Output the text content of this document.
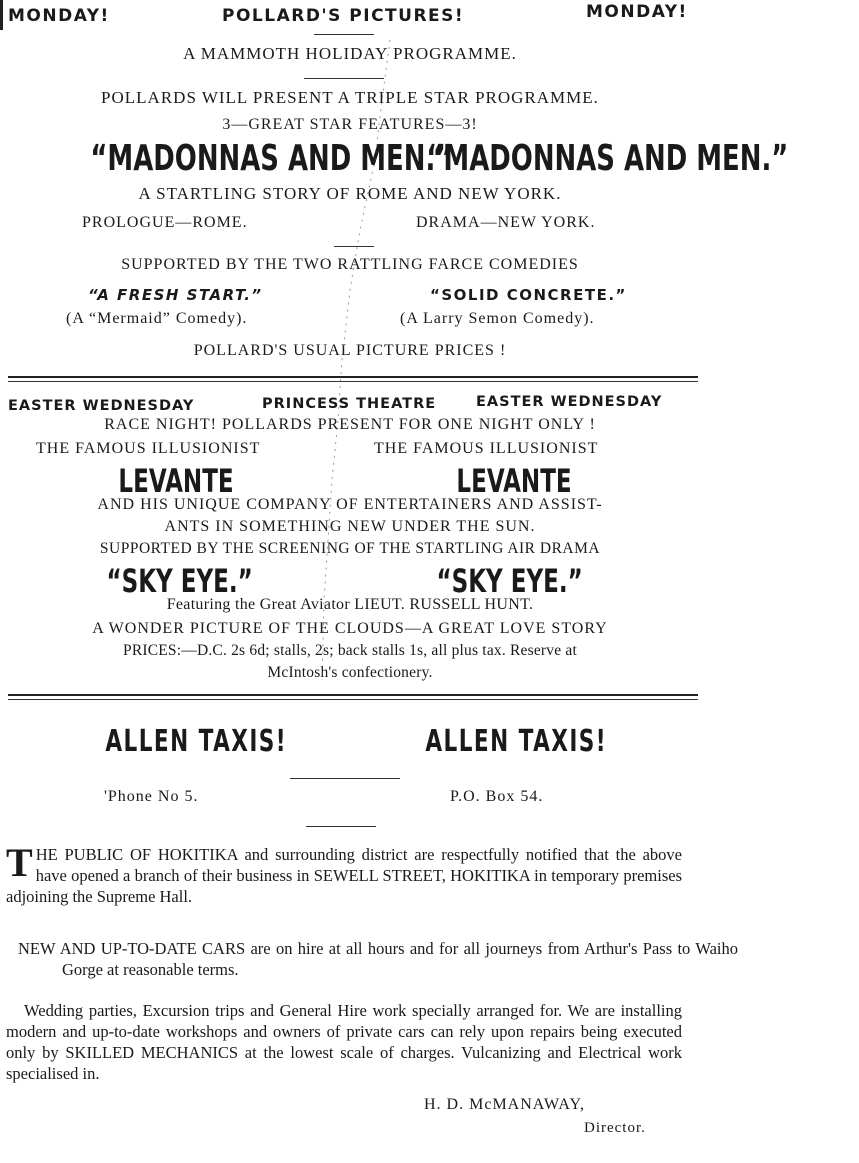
MONDAY!	POLLARD'S PICTURES!	MONDAY!
A MAMMOTH HOLIDAY PROGRAMME.
POLLARDS WILL PRESENT A TRIPLE STAR PROGRAMME.
3—GREAT STAR FEATURES—3!
“MADONNAS AND MEN.”
“MADONNAS AND MEN.”
A STARTLING STORY OF ROME AND NEW YORK.
PROLOGUE—ROME.	DRAMA—NEW YORK.
SUPPORTED BY THE TWO RATTLING FARCE COMEDIES
“A FRESH START.”	“SOLID CONCRETE.”
(A “Mermaid” Comedy).	(A Larry Semon Comedy).
POLLARD'S USUAL PICTURE PRICES !
EASTER WEDNESDAY	PRINCESS THEATRE	EASTER WEDNESDAY
RACE NIGHT! POLLARDS PRESENT FOR ONE NIGHT ONLY !
THE FAMOUS ILLUSIONIST	THE FAMOUS ILLUSIONIST
LEVANTE	LEVANTE
AND HIS UNIQUE COMPANY OF ENTERTAINERS AND ASSIST-
ANTS IN SOMETHING NEW UNDER THE SUN.
SUPPORTED BY THE SCREENING OF THE STARTLING AIR DRAMA
“SKY EYE.”	“SKY EYE.”
Featuring the Great Aviator LIEUT. RUSSELL HUNT.
A WONDER PICTURE OF THE CLOUDS—A GREAT LOVE STORY
PRICES:—D.C. 2s 6d; stalls, 2s; back stalls 1s, all plus tax. Reserve at
McIntosh's confectionery.
ALLEN TAXIS!	ALLEN TAXIS!
'Phone No 5.	P.O. Box 54.
THE PUBLIC OF HOKITIKA and surrounding district are respectfully notified that the above have opened a branch of their business in SEWELL STREET, HOKITIKA in temporary premises adjoining the Supreme Hall.
NEW AND UP-TO-DATE CARS are on hire at all hours and for all journeys from Arthur's Pass to Waiho Gorge at reasonable terms.
Wedding parties, Excursion trips and General Hire work specially arranged for. We are installing modern and up-to-date workshops and owners of private cars can rely upon repairs being executed only by SKILLED MECHANICS at the lowest scale of charges. Vulcanizing and Electrical work specialised in.
H. D. McMANAWAY,
Director.
